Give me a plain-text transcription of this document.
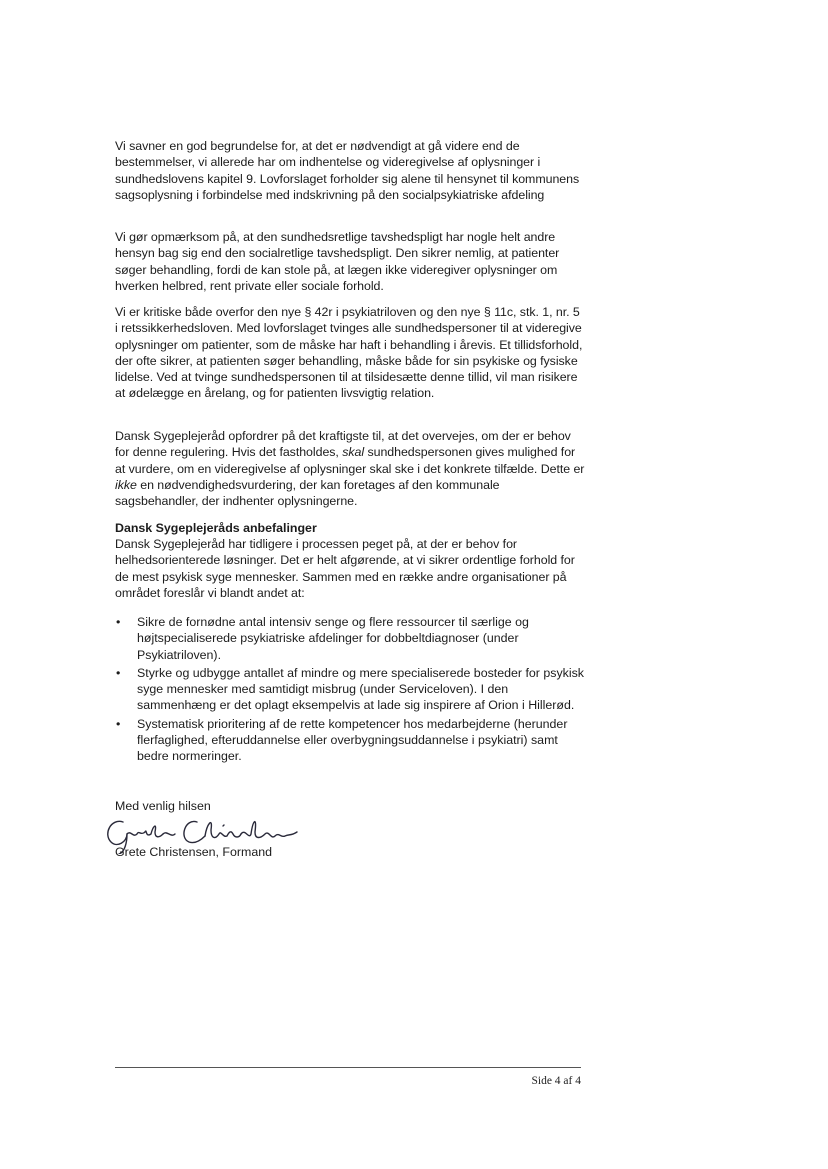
Vi savner en god begrundelse for, at det er nødvendigt at gå videre end de bestemmelser, vi allerede har om indhentelse og videregivelse af oplysninger i sundhedslovens kapitel 9. Lovforslaget forholder sig alene til hensynet til kommunens sagsoplysning i forbindelse med indskrivning på den socialpsykiatriske afdeling

Vi gør opmærksom på, at den sundhedsretlige tavshedspligt har nogle helt andre hensyn bag sig end den socialretlige tavshedspligt. Den sikrer nemlig, at patienter søger behandling, fordi de kan stole på, at lægen ikke videregiver oplysninger om hverken helbred, rent private eller sociale forhold.

Vi er kritiske både overfor den nye § 42r i psykiatriloven og den nye § 11c, stk. 1, nr. 5 i retssikkerhedsloven. Med lovforslaget tvinges alle sundhedspersoner til at videregive oplysninger om patienter, som de måske har haft i behandling i årevis. Et tillidsforhold, der ofte sikrer, at patienten søger behandling, måske både for sin psykiske og fysiske lidelse. Ved at tvinge sundhedspersonen til at tilsidesætte denne tillid, vil man risikere at ødelægge en årelang, og for patienten livsvigtig relation.

Dansk Sygeplejeråd opfordrer på det kraftigste til, at det overvejes, om der er behov for denne regulering. Hvis det fastholdes, skal sundhedspersonen gives mulighed for at vurdere, om en videregivelse af oplysninger skal ske i det konkrete tilfælde. Dette er ikke en nødvendighedsvurdering, der kan foretages af den kommunale sagsbehandler, der indhenter oplysningerne.

Dansk Sygeplejeråds anbefalinger

Dansk Sygeplejeråd har tidligere i processen peget på, at der er behov for helhedsorienterede løsninger. Det er helt afgørende, at vi sikrer ordentlige forhold for de mest psykisk syge mennesker. Sammen med en række andre organisationer på området foreslår vi blandt andet at:

• Sikre de fornødne antal intensiv senge og flere ressourcer til særlige og højtspecialiserede psykiatriske afdelinger for dobbeltdiagnoser (under Psykiatriloven).
• Styrke og udbygge antallet af mindre og mere specialiserede bosteder for psykisk syge mennesker med samtidigt misbrug (under Serviceloven). I den sammenhæng er det oplagt eksempelvis at lade sig inspirere af Orion i Hillerød.
• Systematisk prioritering af de rette kompetencer hos medarbejderne (herunder flerfaglighed, efteruddannelse eller overbygningsuddannelse i psykiatri) samt bedre normeringer.

Med venlig hilsen

Grete Christensen, Formand

Side 4 af 4
